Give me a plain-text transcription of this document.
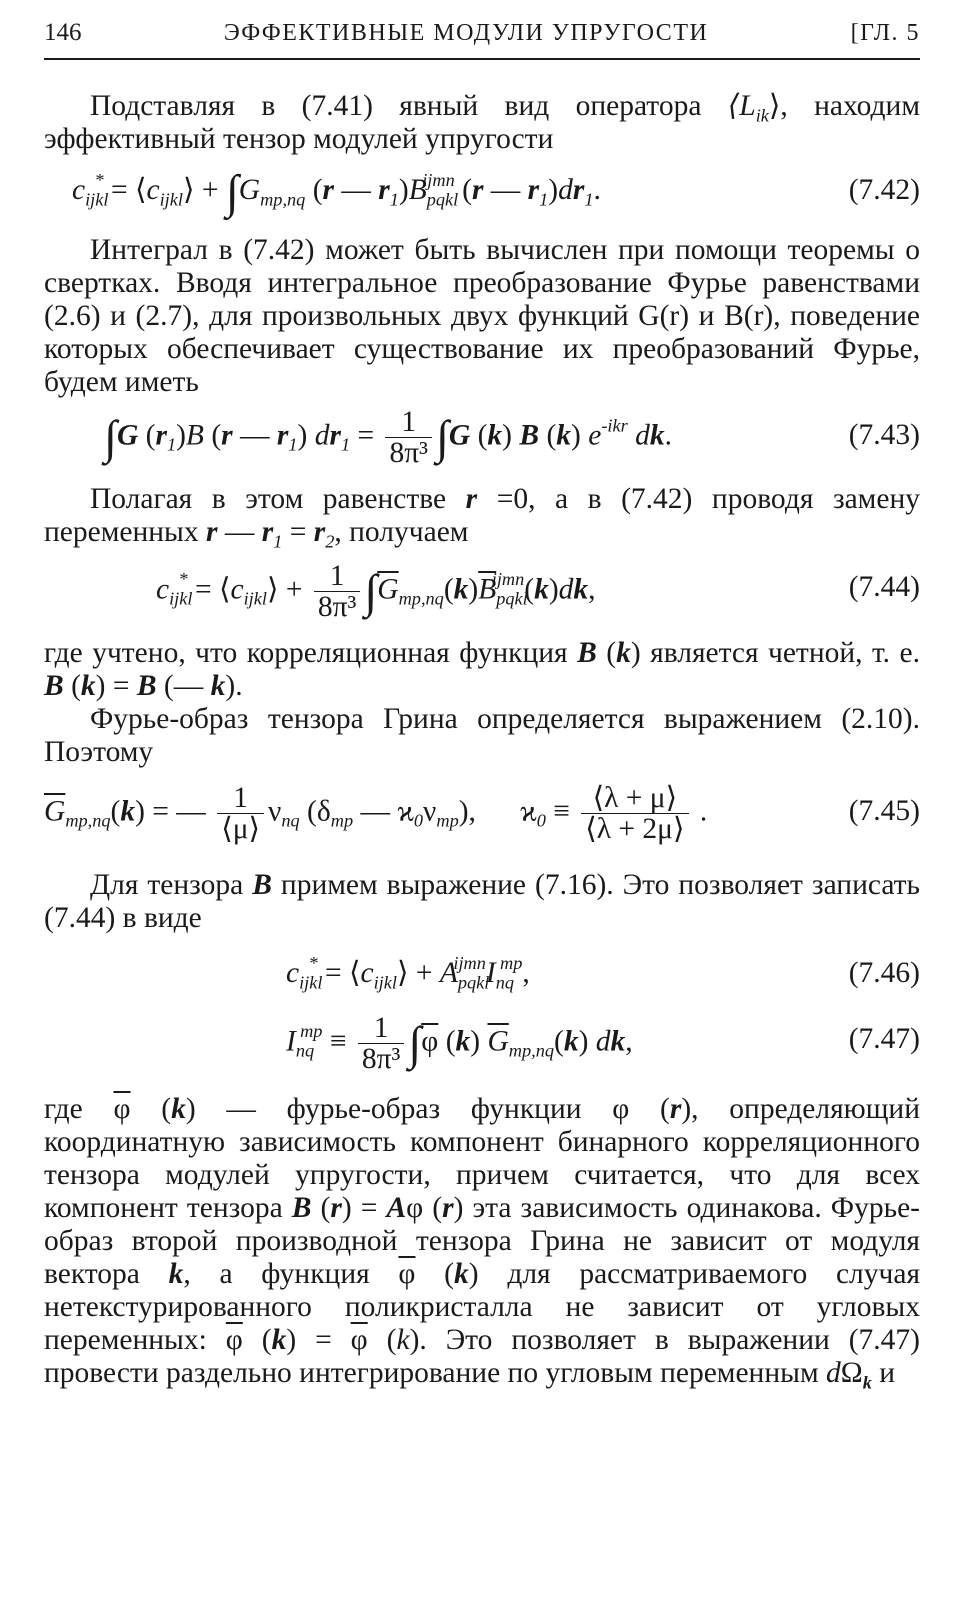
146	ЭФФЕКТИВНЫЕ МОДУЛИ УПРУГОСТИ	[ГЛ. 5

Подставляя в (7.41) явный вид оператора $⟨L_{ik}⟩$, находим эффективный тензор модулей упругости

$c_{ijkl}^*$ = $⟨c_{ijkl}⟩ + \int G_{mp,nq}$ (r — $r_1)B_{pqkl}^{ijmn}$ (r — $r_1)dr_1$.	(7.42)

Интеграл в (7.42) может быть вычислен при помощи теоремы о свертках. Вводя интегральное преобразование Фурье равенствами (2.6) и (2.7), для произвольных двух функций G(r) и B(r), поведение которых обеспечивает существование их преобразований Фурье, будем иметь

∫G $(r_1)B$ (r — $r_1$) $dr_1 = \frac{1}{\text{8π³}} \int G$ (k) B (k) $e^{-ikr}$ dk.	(7.43)

Полагая в этом равенстве r =0, а в (7.42) проводя замену переменных r — $r_1 = r_2$, получаем

$c_{ijkl}^*$ = $⟨c_{ijkl}⟩ + \frac{1}{\text{8π³}} \int\overline{G}_{mp,nq}(k)\overline{B}_{pqkl}^{ijmn}(k)dk$,	(7.44)

где учтено, что корреляционная функция B (k) является четной, т. е. B (k) = B (— k).

Фурье-образ тензора Грина определяется выражением (2.10). Поэтому

$\overline{G}_{mp,nq}(k)$ = — $\frac{1}{⟨\mu⟩} \nu_{nq}$ ($\delta_{mp}$ — $ϰ_0\nu_{mp}$),      $ϰ_0 \equiv \frac{⟨\lambda + \mu⟩}{⟨\lambda + 2\mu⟩}$ .	(7.45)

Для тензора B примем выражение (7.16). Это позволяет записать (7.44) в виде

$c_{ijkl}^*$ = $⟨c_{ijkl}⟩ + A_{pqkl}^{ijmn}I_{nq}^{mp}$,	(7.46)
$I_{nq}^{mp} \equiv \frac{1}{\text{8π³}} \int\overline{\varphi}$ (k) $\overline{G}_{mp,nq}(k)$ dk,	(7.47)

где $\overline{\varphi}$ (k) — фурье-образ функции φ (r), определяющий координатную зависимость компонент бинарного корреляционного тензора модулей упругости, причем считается, что для всех компонент тензора B (r) = Aφ (r) эта зависимость одинакова. Фурье-образ второй производной тензора Грина не зависит от модуля вектора k, а функция $\overline{\varphi}$ (k) для рассматриваемого случая нетекстурированного поликристалла не зависит от угловых переменных: $\overline{\varphi}$ $(k) = \overline{\varphi}$ (k). Это позволяет в выражении (7.47) провести раздельно интегрирование по угловым переменным $d\Omega_k$ и
